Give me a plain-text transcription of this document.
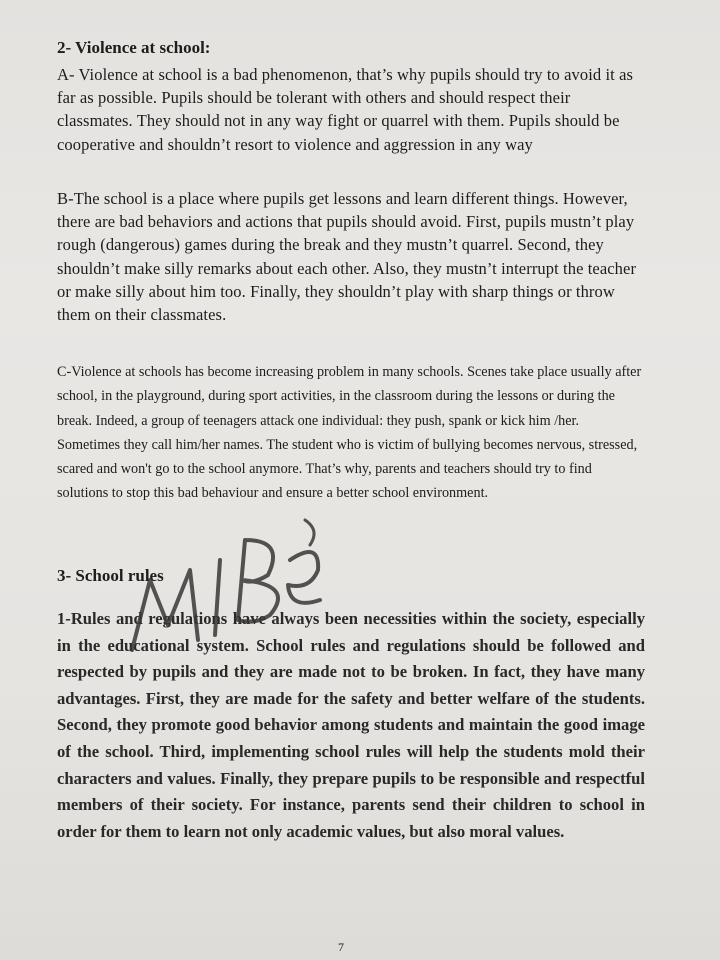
2- Violence at school:

A- Violence at school is a bad phenomenon, that’s why pupils should try to avoid it as far as possible. Pupils should be tolerant with others and should respect their classmates. They should not in any way fight or quarrel with them. Pupils should be cooperative and shouldn’t resort to violence and aggression in any way

B-The school is a place where pupils get lessons and learn different things. However, there are bad behaviors and actions that pupils should avoid. First, pupils mustn’t play rough (dangerous) games during the break and they mustn’t quarrel. Second, they shouldn’t make silly remarks about each other. Also, they mustn’t interrupt the teacher or make silly about him too. Finally, they shouldn’t play with sharp things or throw them on their classmates.

C-Violence at schools has become increasing problem in many schools. Scenes take place usually after school, in the playground, during sport activities, in the classroom during the lessons or during the break. Indeed, a group of teenagers attack one individual: they push, spank or kick him /her. Sometimes they call him/her names. The student who is victim of bullying becomes nervous, stressed, scared and won't go to the school anymore. That’s why, parents and teachers should try to find solutions to stop this bad behaviour and ensure a better school environment.

3- School rules

1-Rules and regulations have always been necessities within the society, especially in the educational system. School rules and regulations should be followed and respected by pupils and they are made not to be broken. In fact, they have many advantages. First, they are made for the safety and better welfare of the students. Second, they promote good behavior among students and maintain the good image of the school. Third, implementing school rules will help the students mold their characters and values. Finally, they prepare pupils to be responsible and respectful members of their society. For instance, parents send their children to school in order for them to learn not only academic values, but also moral values.

7
